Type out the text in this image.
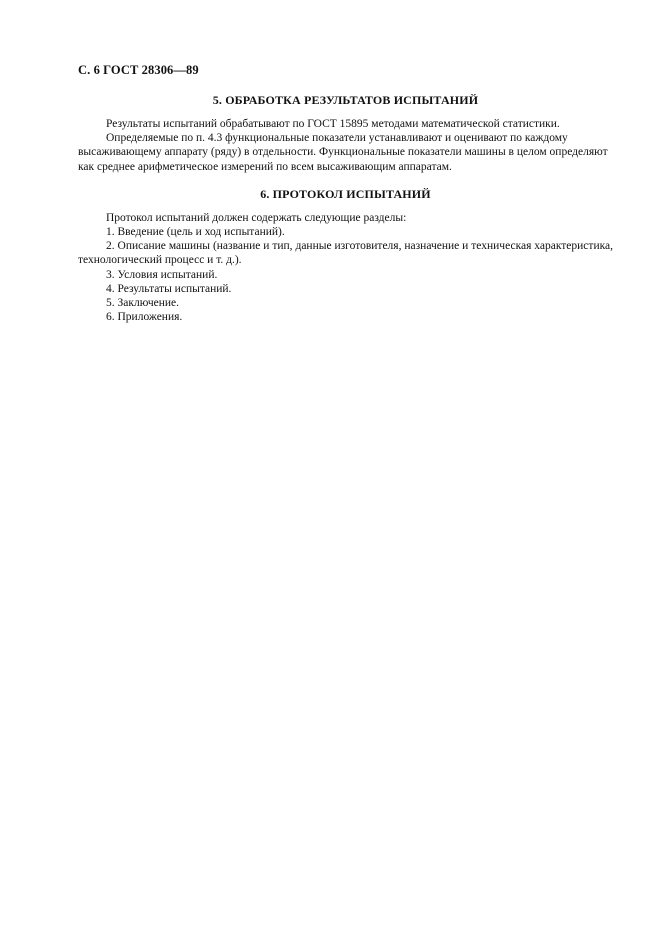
С. 6 ГОСТ 28306—89
5. ОБРАБОТКА РЕЗУЛЬТАТОВ ИСПЫТАНИЙ

Результаты испытаний обрабатывают по ГОСТ 15895 методами математической статистики.

Определяемые по п. 4.3 функциональные показатели устанавливают и оценивают по каждому высаживающему аппарату (ряду) в отдельности. Функциональные показатели машины в целом определяют как среднее арифметическое измерений по всем высаживающим аппаратам.

6. ПРОТОКОЛ ИСПЫТАНИЙ

Протокол испытаний должен содержать следующие разделы:

1. Введение (цель и ход испытаний).
2. Описание машины (название и тип, данные изготовителя, назначение и техническая характеристика, технологический процесс и т. д.).
3. Условия испытаний.
4. Результаты испытаний.
5. Заключение.
6. Приложения.
